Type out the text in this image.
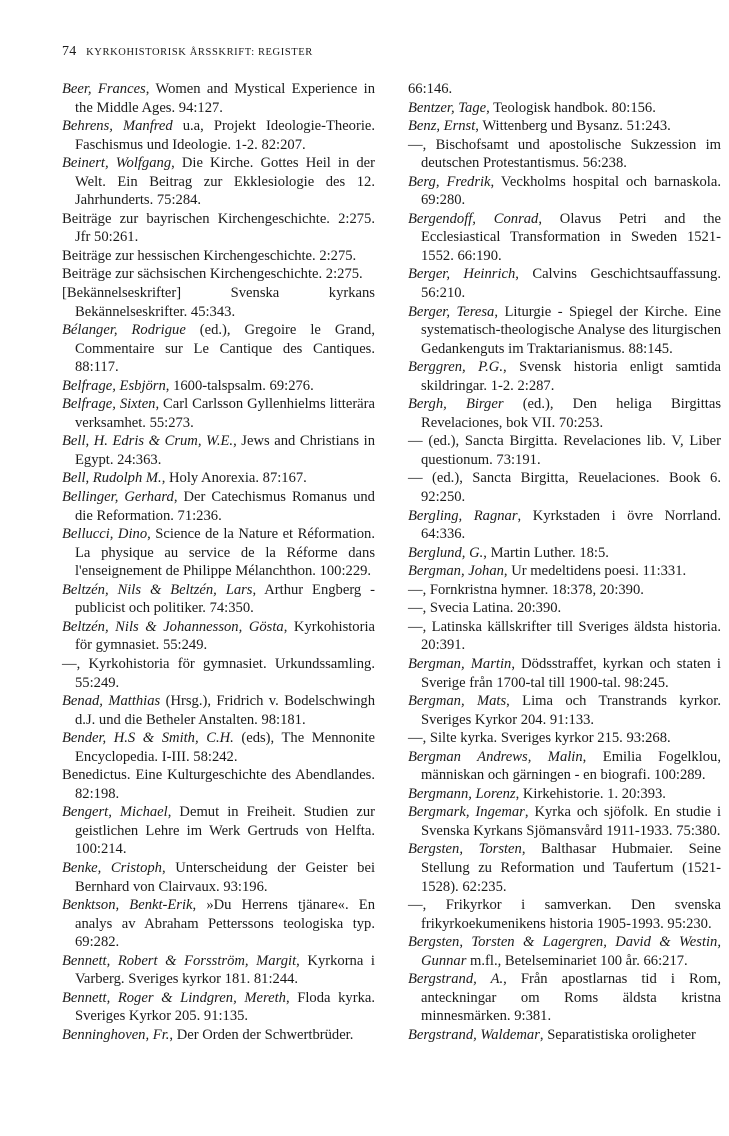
74 KYRKOHISTORISK ÅRSSKRIFT: REGISTER
Beer, Frances, Women and Mystical Experience in the Middle Ages. 94:127.
Behrens, Manfred u.a, Projekt Ideologie-Theorie. Faschismus und Ideologie. 1-2. 82:207.
Beinert, Wolfgang, Die Kirche. Gottes Heil in der Welt. Ein Beitrag zur Ekklesiologie des 12. Jahrhunderts. 75:284.
Beiträge zur bayrischen Kirchengeschichte. 2:275. Jfr 50:261.
Beiträge zur hessischen Kirchengeschichte. 2:275.
Beiträge zur sächsischen Kirchengeschichte. 2:275.
[Bekännelseskrifter] Svenska kyrkans Bekännelseskrifter. 45:343.
Bélanger, Rodrigue (ed.), Gregoire le Grand, Commentaire sur Le Cantique des Cantiques. 88:117.
Belfrage, Esbjörn, 1600-talspsalm. 69:276.
Belfrage, Sixten, Carl Carlsson Gyllenhielms litterära verksamhet. 55:273.
Bell, H. Edris & Crum, W.E., Jews and Christians in Egypt. 24:363.
Bell, Rudolph M., Holy Anorexia. 87:167.
Bellinger, Gerhard, Der Catechismus Romanus und die Reformation. 71:236.
Bellucci, Dino, Science de la Nature et Réformation. La physique au service de la Réforme dans l'enseignement de Philippe Mélanchthon. 100:229.
Beltzén, Nils & Beltzén, Lars, Arthur Engberg - publicist och politiker. 74:350.
Beltzén, Nils & Johannesson, Gösta, Kyrkohistoria för gymnasiet. 55:249.
—, Kyrkohistoria för gymnasiet. Urkundssamling. 55:249.
Benad, Matthias (Hrsg.), Fridrich v. Bodelschwingh d.J. und die Betheler Anstalten. 98:181.
Bender, H.S & Smith, C.H. (eds), The Mennonite Encyclopedia. I-III. 58:242.
Benedictus. Eine Kulturgeschichte des Abendlandes. 82:198.
Bengert, Michael, Demut in Freiheit. Studien zur geistlichen Lehre im Werk Gertruds von Helfta. 100:214.
Benke, Cristoph, Unterscheidung der Geister bei Bernhard von Clairvaux. 93:196.
Benktson, Benkt-Erik, »Du Herrens tjänare«. En analys av Abraham Petterssons teologiska typ. 69:282.
Bennett, Robert & Forsström, Margit, Kyrkorna i Varberg. Sveriges kyrkor 181. 81:244.
Bennett, Roger & Lindgren, Mereth, Floda kyrka. Sveriges Kyrkor 205. 91:135.
Benninghoven, Fr., Der Orden der Schwertbrüder.
66:146.
Bentzer, Tage, Teologisk handbok. 80:156.
Benz, Ernst, Wittenberg und Bysanz. 51:243.
—, Bischofsamt und apostolische Sukzession im deutschen Protestantismus. 56:238.
Berg, Fredrik, Veckholms hospital och barnaskola. 69:280.
Bergendoff, Conrad, Olavus Petri and the Ecclesiastical Transformation in Sweden 1521-1552. 66:190.
Berger, Heinrich, Calvins Geschichtsauffassung. 56:210.
Berger, Teresa, Liturgie - Spiegel der Kirche. Eine systematisch-theologische Analyse des liturgischen Gedankenguts im Traktarianismus. 88:145.
Berggren, P.G., Svensk historia enligt samtida skildringar. 1-2. 2:287.
Bergh, Birger (ed.), Den heliga Birgittas Revelaciones, bok VII. 70:253.
— (ed.), Sancta Birgitta. Revelaciones lib. V, Liber questionum. 73:191.
— (ed.), Sancta Birgitta, Reuelaciones. Book 6. 92:250.
Bergling, Ragnar, Kyrkstaden i övre Norrland. 64:336.
Berglund, G., Martin Luther. 18:5.
Bergman, Johan, Ur medeltidens poesi. 11:331.
—, Fornkristna hymner. 18:378, 20:390.
—, Svecia Latina. 20:390.
—, Latinska källskrifter till Sveriges äldsta historia. 20:391.
Bergman, Martin, Dödsstraffet, kyrkan och staten i Sverige från 1700-tal till 1900-tal. 98:245.
Bergman, Mats, Lima och Transtrands kyrkor. Sveriges Kyrkor 204. 91:133.
—, Silte kyrka. Sveriges kyrkor 215. 93:268.
Bergman Andrews, Malin, Emilia Fogelklou, människan och gärningen - en biografi. 100:289.
Bergmann, Lorenz, Kirkehistorie. 1. 20:393.
Bergmark, Ingemar, Kyrka och sjöfolk. En studie i Svenska Kyrkans Sjömansvård 1911-1933. 75:380.
Bergsten, Torsten, Balthasar Hubmaier. Seine Stellung zu Reformation und Taufertum (1521-1528). 62:235.
—, Frikyrkor i samverkan. Den svenska frikyrkoekumenikens historia 1905-1993. 95:230.
Bergsten, Torsten & Lagergren, David & Westin, Gunnar m.fl., Betelseminariet 100 år. 66:217.
Bergstrand, A., Från apostlarnas tid i Rom, anteckningar om Roms äldsta kristna minnesmärken. 9:381.
Bergstrand, Waldemar, Separatistiska oroligheter
